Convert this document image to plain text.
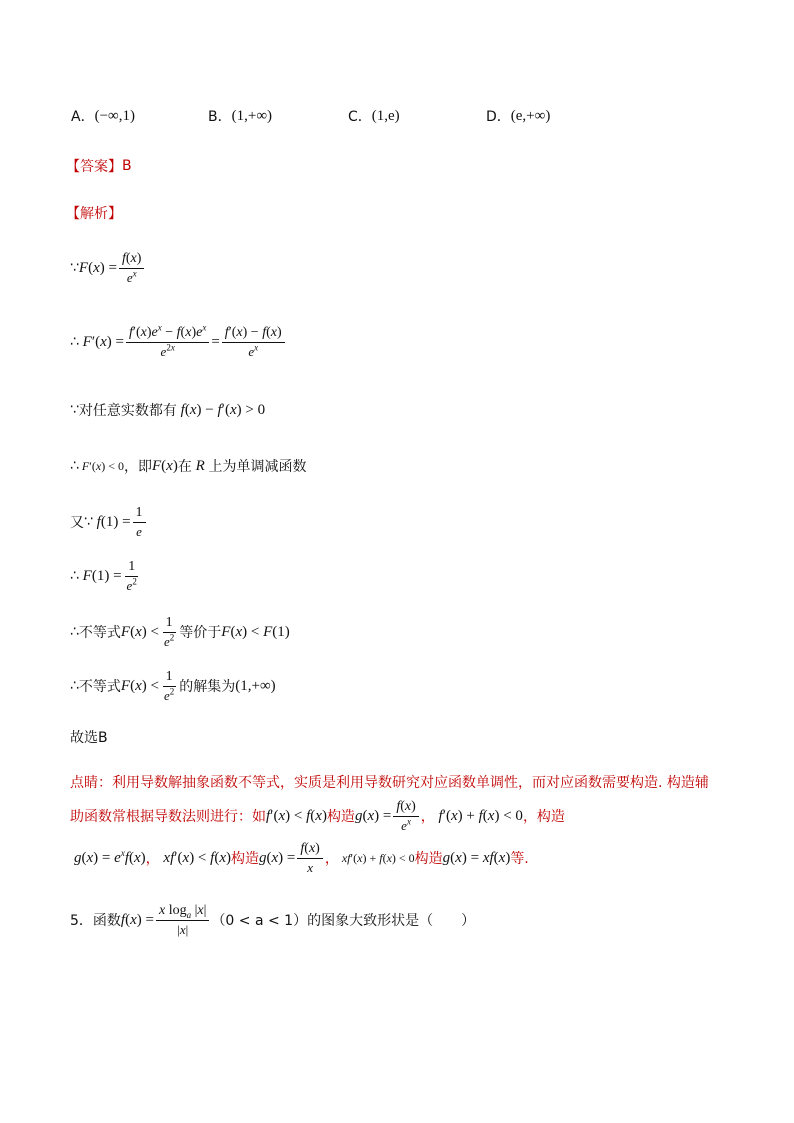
A． (−∞,1)	B． (1,+∞)	C． (1,e)	D． (e,+∞)
【答案】 B
【解析】
∵ $F(x) = \frac{f(x)}{e^x}$
∴ $F'(x) = \frac{f'(x)e^x - f(x)e^x}{e^{2x}} = \frac{f'(x) - f(x)}{e^x}$
∵ 对任意实数都有 f(x) − f′(x) > 0
∴ F′(x) < 0 ，即 F(x) 在 R 上为单调减函数
又 ∵ $f(1) = \frac{1}{e}$
∴ $F(1) = \frac{1}{e^2}$
∴ 不等式 $F(x) < \frac{1}{e^2}$ 等价于 F(x) < F(1)
∴ 不等式 $F(x) < \frac{1}{e^2}$ 的解集为 (1,+∞)
故选B
点睛：利用导数解抽象函数不等式，实质是利用导数研究对应函数单调性，而对应函数需要构造. 构造辅
助函数常根据导数法则进行：如 f′(x) < f(x) 构造 $g(x) = \frac{f(x)}{e^x}$ ， f′(x) + f(x) < 0 ，构造
$g(x) = e^xf(x)$ ， xf′(x) < f(x) 构造 $g(x) = \frac{f(x)}{x}$ ， xf′(x) + f(x) < 0 构造 g(x) = xf(x) 等.
5．函数 $f(x) = \frac{x \log_a |x|}{|x|} (0 < a < 1)$的图象大致形状是（　　）
